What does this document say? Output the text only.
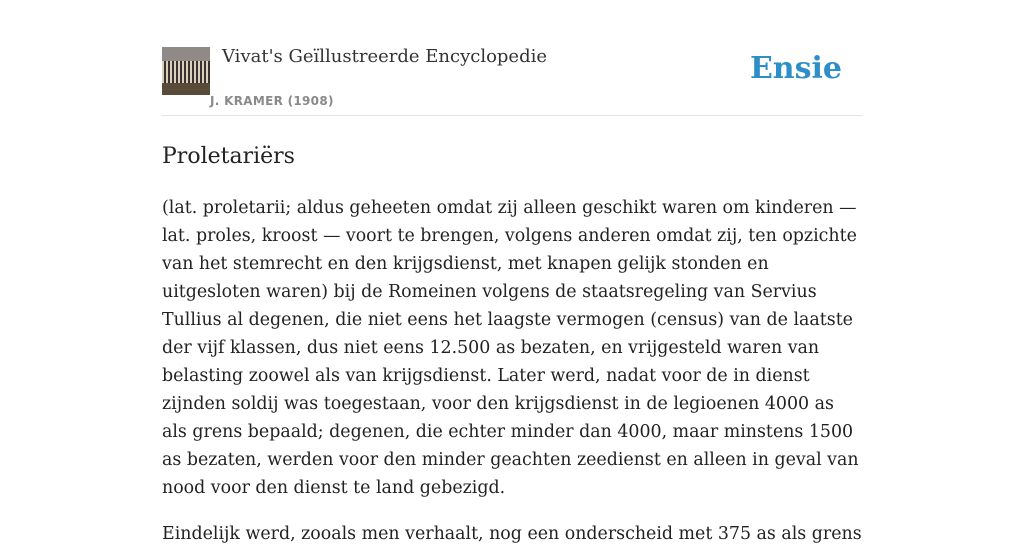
Vivat's Geïllustreerde Encyclopedie
J. KRAMER (1908)
Ensie
Proletariërs

(lat. proletarii; aldus geheeten omdat zij alleen geschikt waren om kinderen — lat. proles, kroost — voort te brengen, volgens anderen omdat zij, ten opzichte van het stemrecht en den krijgsdienst, met knapen gelijk stonden en uitgesloten waren) bij de Romeinen volgens de staatsregeling van Servius Tullius al degenen, die niet eens het laagste vermogen (census) van de laatste der vijf klassen, dus niet eens 12.500 as bezaten, en vrijgesteld waren van belasting zoowel als van krijgsdienst. Later werd, nadat voor de in dienst zijnden soldij was toegestaan, voor den krijgsdienst in de legioenen 4000 as als grens bepaald; degenen, die echter minder dan 4000, maar minstens 1500 as bezaten, werden voor den minder geachten zeedienst en alleen in geval van nood voor den dienst te land gebezigd.

Eindelijk werd, zooals men verhaalt, nog een onderscheid met 375 as als grens
